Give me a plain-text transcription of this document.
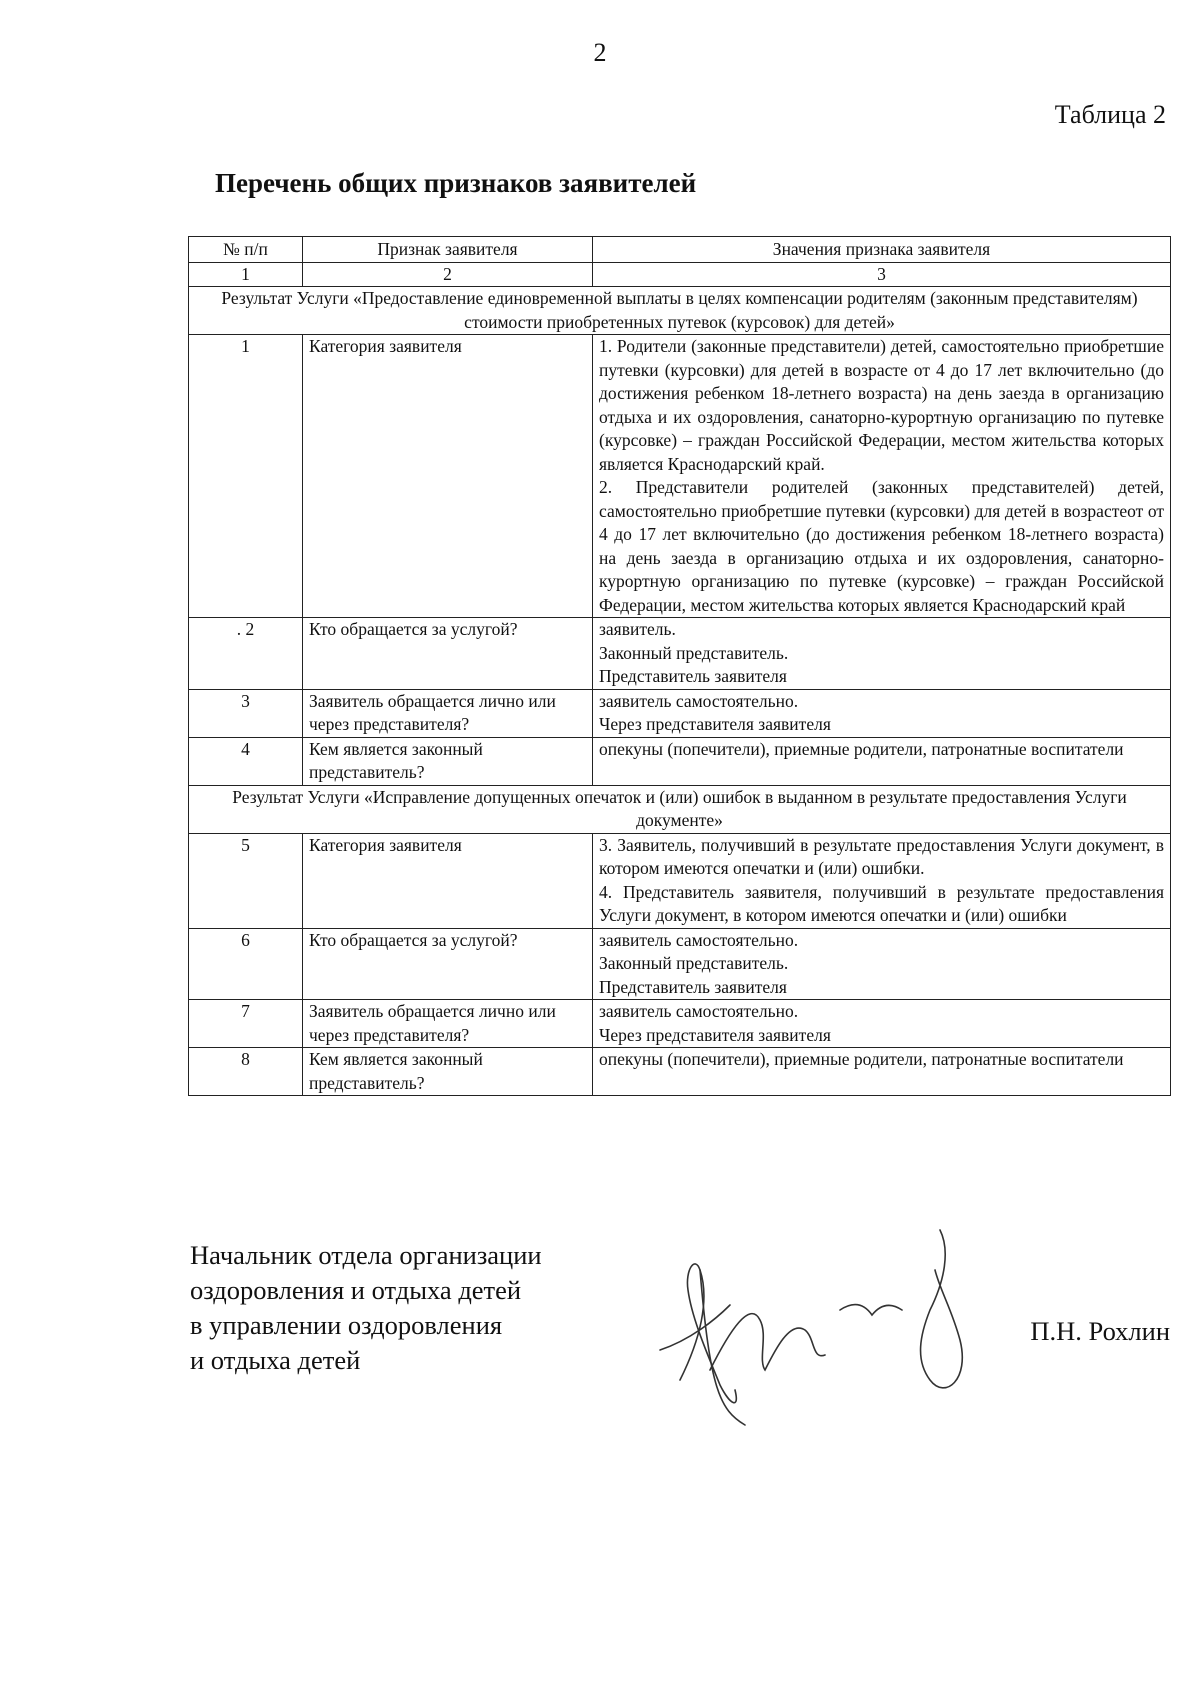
2
Таблица 2
Перечень общих признаков заявителей
№ п/п	Признак заявителя	Значения признака заявителя
1	2	3
Результат Услуги «Предоставление единовременной выплаты в целях компенсации родителям (законным представителям) стоимости приобретенных путевок (курсовок) для детей»		
1	Категория заявителя	1. Родители (законные представители) детей, самостоятельно приобретшие путевки (курсовки) для детей в возрасте от 4 до 17 лет включительно (до достижения ребенком 18-летнего возраста) на день заезда в организацию отдыха и их оздоровления, санаторно-курортную организацию по путевке (курсовке) – граждан Российской Федерации, местом жительства которых является Краснодарский край.
2. Представители родителей (законных представителей) детей, самостоятельно приобретшие путевки (курсовки) для детей в возрастеот от 4 до 17 лет включительно (до достижения ребенком 18-летнего возраста) на день заезда в организацию отдыха и их оздоровления, санаторно-курортную организацию по путевке (курсовке) – граждан Российской Федерации, местом жительства которых является Краснодарский край

. 2	Кто обращается за услугой?	заявитель.
Законный представитель.
Представитель заявителя

3	Заявитель обращается лично или через представителя?	заявитель самостоятельно.
Через представителя заявителя

4	Кем является законный представитель?	опекуны (попечители), приемные родители, патронатные воспитатели

Результат Услуги «Исправление допущенных опечаток и (или) ошибок в выданном в результате предоставления Услуги документе»		
5	Категория заявителя	3. Заявитель, получивший в результате предоставления Услуги документ, в котором имеются опечатки и (или) ошибки.
4. Представитель заявителя, получивший в результате предоставления Услуги документ, в котором имеются опечатки и (или) ошибки

6	Кто обращается за услугой?	заявитель самостоятельно.
Законный представитель.
Представитель заявителя

7	Заявитель обращается лично или через представителя?	заявитель самостоятельно.
Через представителя заявителя

8	Кем является законный представитель?	опекуны (попечители), приемные родители, патронатные воспитатели
Начальник отдела организации
оздоровления и отдыха детей
в управлении оздоровления
и отдыха детей
П.Н. Рохлин
